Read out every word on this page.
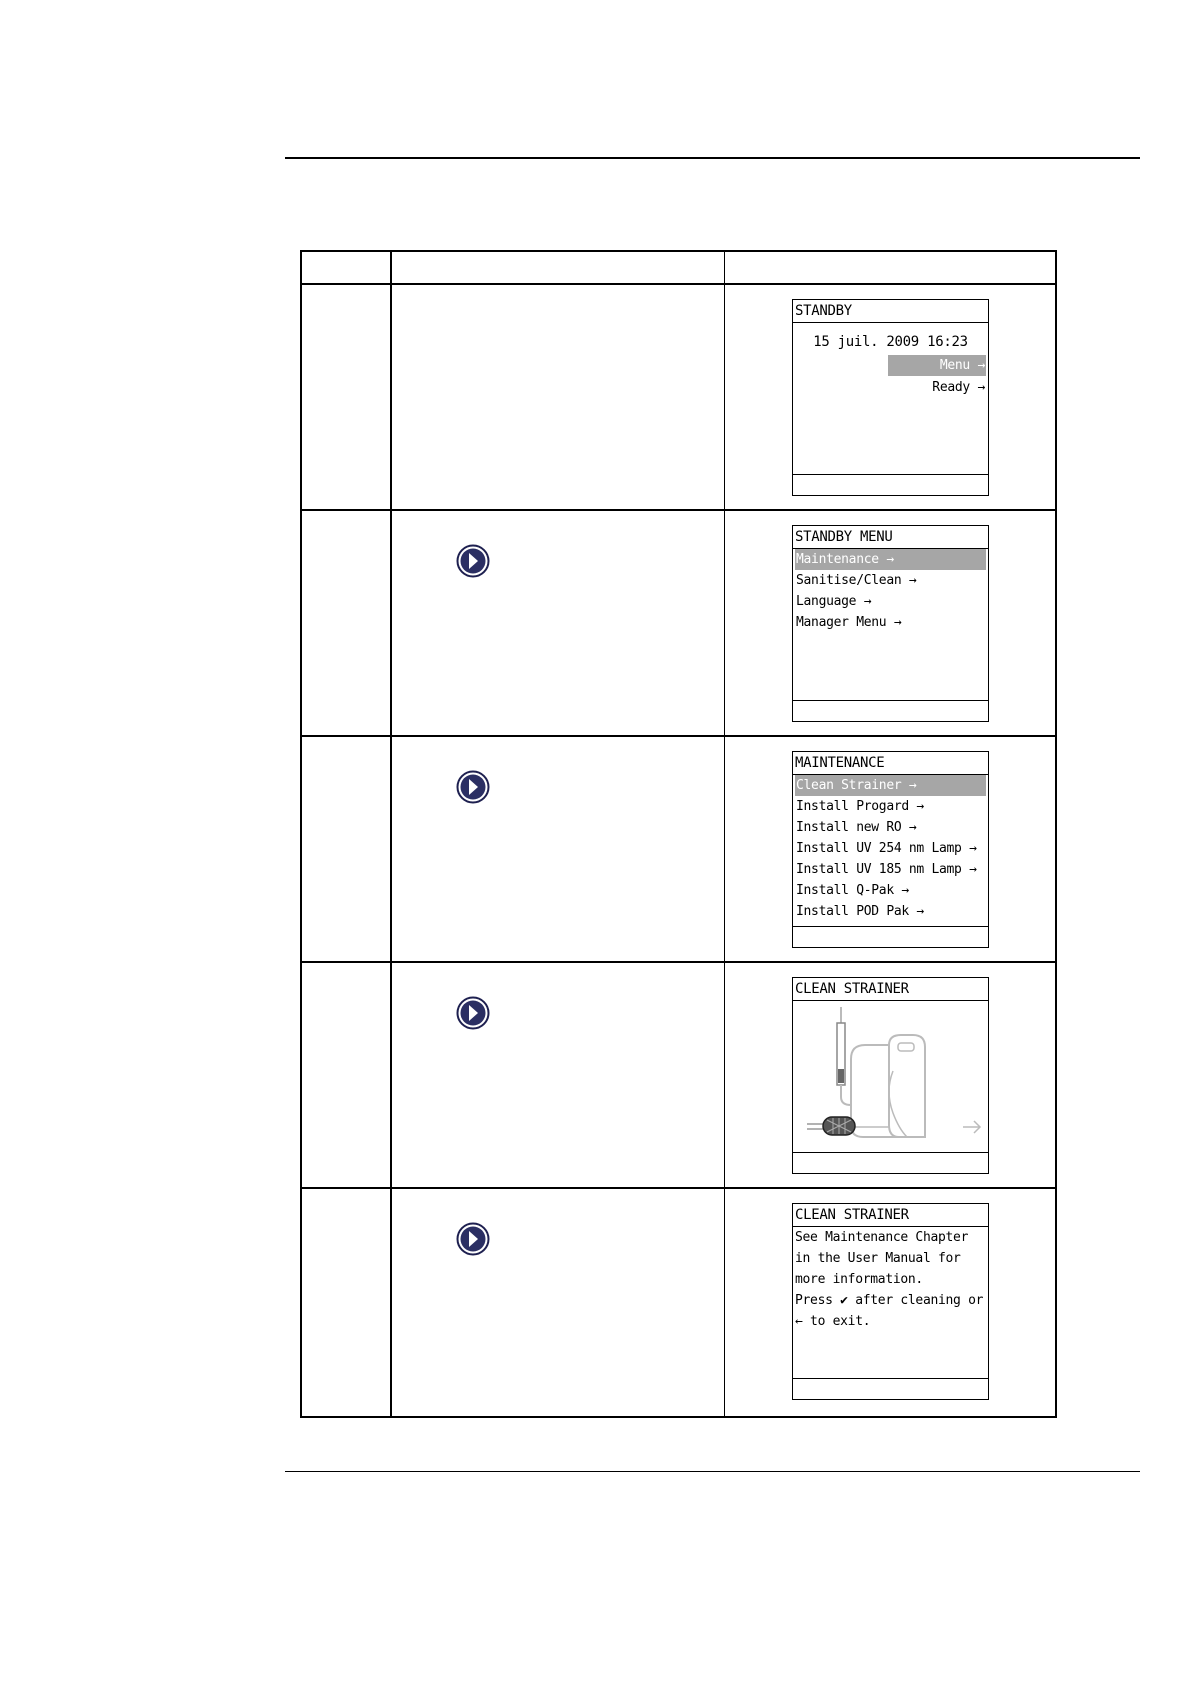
STANDBY
15 juil. 2009 16:23
Menu →
Ready →
STANDBY MENU
Maintenance →
Sanitise/Clean →
Language →
Manager Menu →
MAINTENANCE
Clean Strainer →
Install Progard →
Install new RO →
Install UV 254 nm Lamp →
Install UV 185 nm Lamp →
Install Q-Pak →
Install POD Pak →
CLEAN STRAINER
CLEAN STRAINER
See Maintenance Chapter in the User Manual for more information.
Press ✔ after cleaning or ← to exit.
